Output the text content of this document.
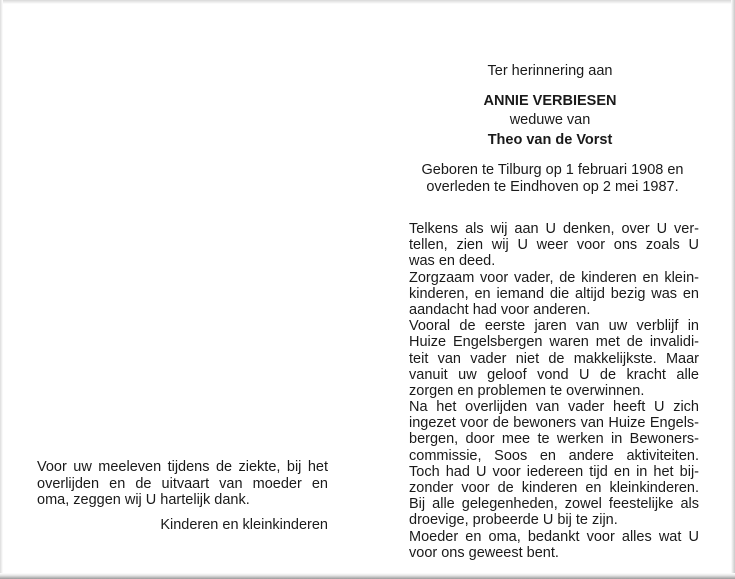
Ter herinnering aan
ANNIE VERBIESEN
weduwe van
Theo van de Vorst
Geboren te Tilburg op 1 februari 1908 en
overleden te Eindhoven op 2 mei 1987.
Telkens als wij aan U denken, over U ver-
tellen, zien wij U weer voor ons zoals U
was en deed.
Zorgzaam voor vader, de kinderen en klein-
kinderen, en iemand die altijd bezig was en
aandacht had voor anderen.
Vooral de eerste jaren van uw verblijf in
Huize Engelsbergen waren met de invalidi-
teit van vader niet de makkelijkste. Maar
vanuit uw geloof vond U de kracht alle
zorgen en problemen te overwinnen.
Na het overlijden van vader heeft U zich
ingezet voor de bewoners van Huize Engels-
bergen, door mee te werken in Bewoners-
commissie, Soos en andere aktiviteiten.
Toch had U voor iedereen tijd en in het bij-
zonder voor de kinderen en kleinkinderen.
Bij alle gelegenheden, zowel feestelijke als
droevige, probeerde U bij te zijn.
Moeder en oma, bedankt voor alles wat U
voor ons geweest bent.
Voor uw meeleven tijdens de ziekte, bij het
overlijden en de uitvaart van moeder en
oma, zeggen wij U hartelijk dank.
Kinderen en kleinkinderen
